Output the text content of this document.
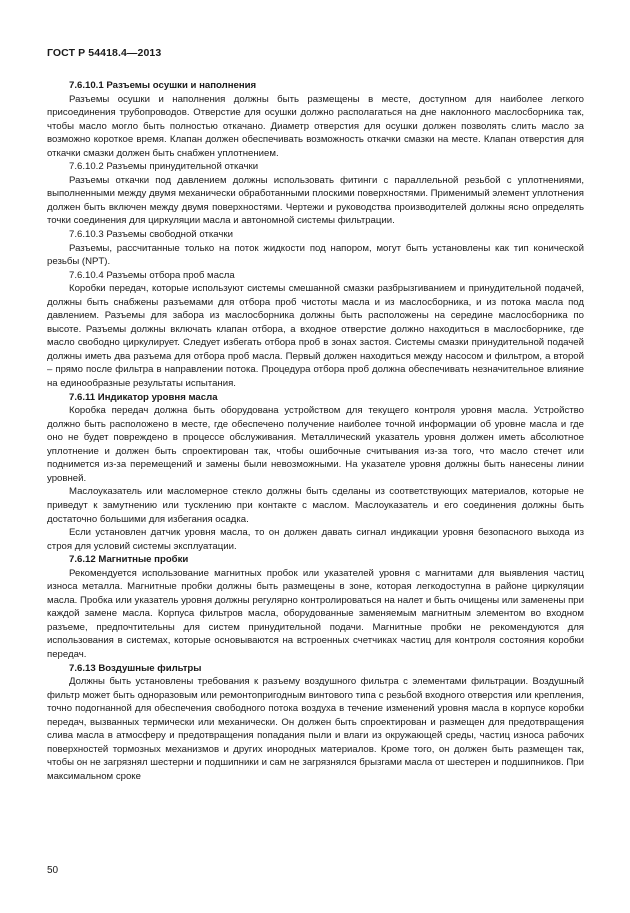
ГОСТ Р 54418.4—2013

7.6.10.1 Разъемы осушки и наполнения

Разъемы осушки и наполнения должны быть размещены в месте, доступном для наиболее легкого присоединения трубопроводов. Отверстие для осушки должно располагаться на дне наклонного маслосборника так, чтобы масло могло быть полностью откачано. Диаметр отверстия для осушки должен позволять слить масло за возможно короткое время. Клапан должен обеспечивать возможность откачки смазки на месте. Клапан отверстия для откачки смазки должен быть снабжен уплотнением.

7.6.10.2 Разъемы принудительной откачки

Разъемы откачки под давлением должны использовать фитинги с параллельной резьбой с уплотнениями, выполненными между двумя механически обработанными плоскими поверхностями. Применимый элемент уплотнения должен быть включен между двумя поверхностями. Чертежи и руководства производителей должны ясно определять точки соединения для циркуляции масла и автономной системы фильтрации.

7.6.10.3 Разъемы свободной откачки

Разъемы, рассчитанные только на поток жидкости под напором, могут быть установлены как тип конической резьбы (NPT).

7.6.10.4 Разъемы отбора проб масла

Коробки передач, которые используют системы смешанной смазки разбрызгиванием и принудительной подачей, должны быть снабжены разъемами для отбора проб чистоты масла и из маслосборника, и из потока масла под давлением. Разъемы для забора из маслосборника должны быть расположены на середине маслосборника по высоте. Разъемы должны включать клапан отбора, а входное отверстие должно находиться в маслосборнике, где масло свободно циркулирует. Следует избегать отбора проб в зонах застоя. Системы смазки принудительной подачей должны иметь два разъема для отбора проб масла. Первый должен находиться между насосом и фильтром, а второй – прямо после фильтра в направлении потока. Процедура отбора проб должна обеспечивать незначительное влияние на единообразные результаты испытания.

7.6.11 Индикатор уровня масла

Коробка передач должна быть оборудована устройством для текущего контроля уровня масла. Устройство должно быть расположено в месте, где обеспечено получение наиболее точной информации об уровне масла и где оно не будет повреждено в процессе обслуживания. Металлический указатель уровня должен иметь абсолютное уплотнение и должен быть спроектирован так, чтобы ошибочные считывания из-за того, что масло стечет или поднимется из-за перемещений и замены были невозможными. На указателе уровня должны быть нанесены линии уровней.

Маслоуказатель или масломерное стекло должны быть сделаны из соответствующих материалов, которые не приведут к замутнению или тусклению при контакте с маслом. Маслоуказатель и его соединения должны быть достаточно большими для избегания осадка.

Если установлен датчик уровня масла, то он должен давать сигнал индикации уровня безопасного выхода из строя для условий системы эксплуатации.

7.6.12 Магнитные пробки

Рекомендуется использование магнитных пробок или указателей уровня с магнитами для выявления частиц износа металла. Магнитные пробки должны быть размещены в зоне, которая легкодоступна в районе циркуляции масла. Пробка или указатель уровня должны регулярно контролироваться на налет и быть очищены или заменены при каждой замене масла. Корпуса фильтров масла, оборудованные заменяемым магнитным элементом во входном разъеме, предпочтительны для систем принудительной подачи. Магнитные пробки не рекомендуются для использования в системах, которые основываются на встроенных счетчиках частиц для контроля состояния коробки передач.

7.6.13 Воздушные фильтры

Должны быть установлены требования к разъему воздушного фильтра с элементами фильтрации. Воздушный фильтр может быть одноразовым или ремонтопригодным винтового типа с резьбой входного отверстия или крепления, точно подогнанной для обеспечения свободного потока воздуха в течение изменений уровня масла в корпусе коробки передач, вызванных термически или механически. Он должен быть спроектирован и размещен для предотвращения слива масла в атмосферу и предотвращения попадания пыли и влаги из окружающей среды, частиц износа рабочих поверхностей тормозных механизмов и других инородных материалов. Кроме того, он должен быть размещен так, чтобы он не загрязнял шестерни и подшипники и сам не загрязнялся брызгами масла от шестерен и подшипников. При максимальном сроке

50
